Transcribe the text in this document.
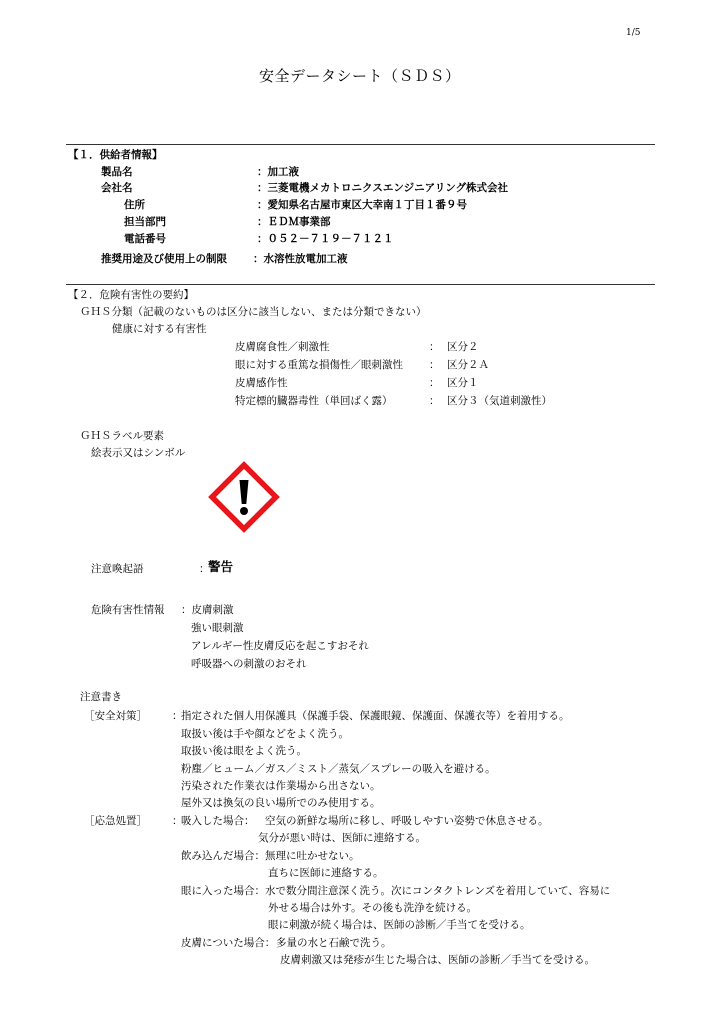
1/5
安全データシート（ＳＤＳ）
【１．供給者情報】
製品名	：加工液
会社名	：三菱電機メカトロニクスエンジニアリング株式会社
住所	：愛知県名古屋市東区大幸南１丁目１番９号
担当部門	：ＥＤＭ事業部
電話番号	：０５２－７１９－７１２１
推奨用途及び使用上の制限 ：水溶性放電加工液
【２．危険有害性の要約】
ＧＨＳ分類（記載のないものは区分に該当しない、または分類できない）
健康に対する有害性
皮膚腐食性／刺激性	： 区分２
眼に対する重篤な損傷性／眼刺激性 ： 区分２Ａ
皮膚感作性	： 区分１
特定標的臓器毒性（単回ばく露）	： 区分３（気道刺激性）
ＧＨＳラベル要素
絵表示又はシンボル
注意喚起語	：
警告
危険有害性情報 ：皮膚刺激
強い眼刺激
アレルギー性皮膚反応を起こすおそれ
呼吸器への刺激のおそれ
注意書き
［安全対策］ ：
指定された個人用保護具（保護手袋、保護眼鏡、保護面、保護衣等）を着用する。
取扱い後は手や顔などをよく洗う。
取扱い後は眼をよく洗う。
粉塵／ヒューム／ガス／ミスト／蒸気／スプレーの吸入を避ける。
汚染された作業衣は作業場から出さない。
屋外又は換気の良い場所でのみ使用する。
［応急処置］ ：
吸入した場合： 空気の新鮮な場所に移し、呼吸しやすい姿勢で休息させる。
気分が悪い時は、医師に連絡する。
飲み込んだ場合： 無理に吐かせない。
直ちに医師に連絡する。
眼に入った場合： 水で数分間注意深く洗う。次にコンタクトレンズを着用していて、容易に
外せる場合は外す。その後も洗浄を続ける。
眼に刺激が続く場合は、医師の診断／手当てを受ける。
皮膚についた場合： 多量の水と石鹸で洗う。
皮膚刺激又は発疹が生じた場合は、医師の診断／手当てを受ける。
